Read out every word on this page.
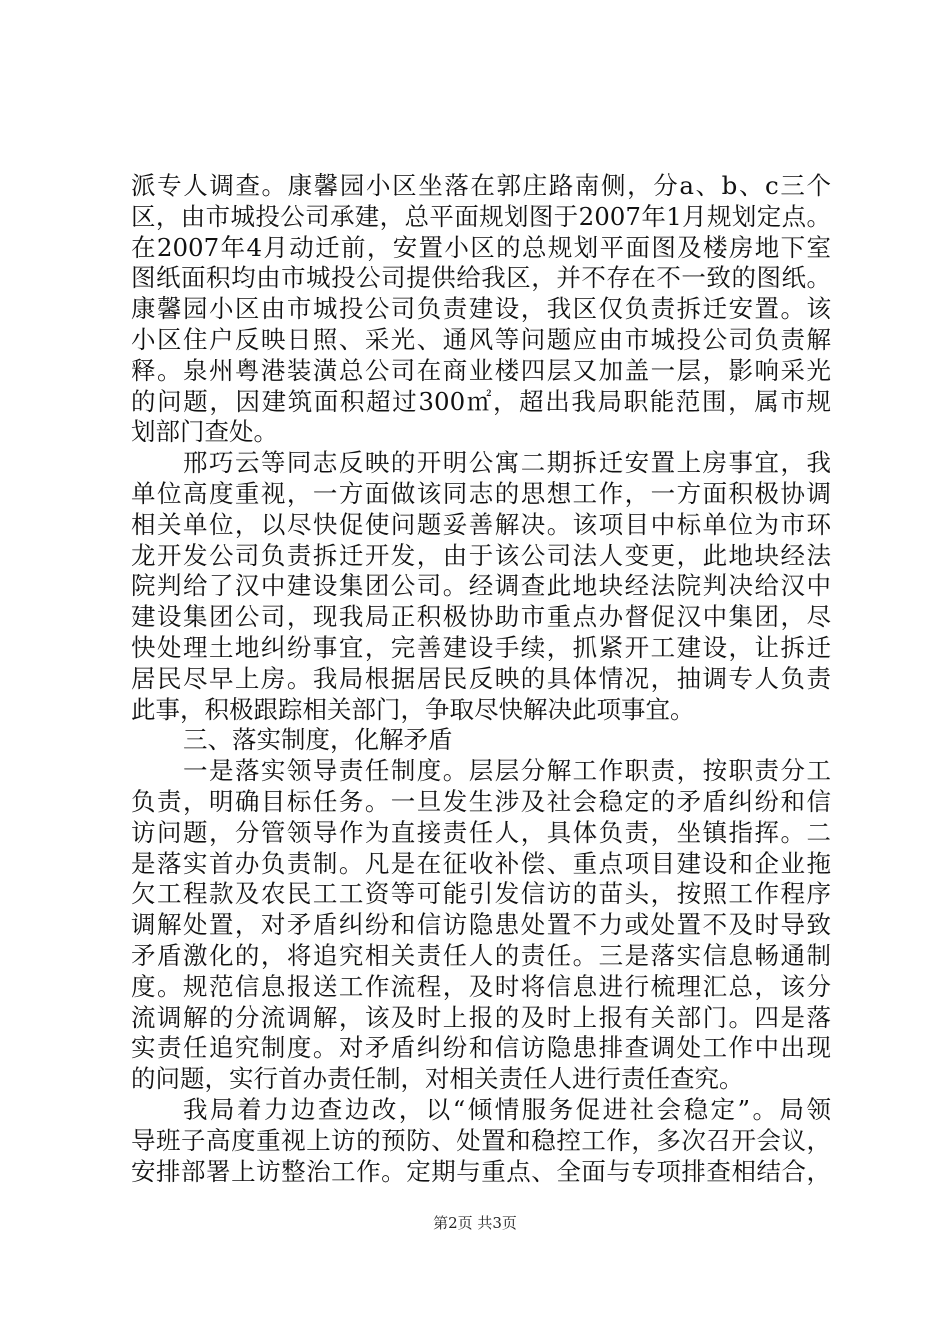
派专人调查。康馨园小区坐落在郭庄路南侧，分a、b、c三个
区，由市城投公司承建，总平面规划图于2007年1月规划定点。
在2007年4月动迁前，安置小区的总规划平面图及楼房地下室
图纸面积均由市城投公司提供给我区，并不存在不一致的图纸。
康馨园小区由市城投公司负责建设，我区仅负责拆迁安置。该
小区住户反映日照、采光、通风等问题应由市城投公司负责解
释。泉州粤港装潢总公司在商业楼四层又加盖一层，影响采光
的问题，因建筑面积超过300㎡，超出我局职能范围，属市规
划部门查处。
邢巧云等同志反映的开明公寓二期拆迁安置上房事宜，我
单位高度重视，一方面做该同志的思想工作，一方面积极协调
相关单位，以尽快促使问题妥善解决。该项目中标单位为市环
龙开发公司负责拆迁开发，由于该公司法人变更，此地块经法
院判给了汉中建设集团公司。经调查此地块经法院判决给汉中
建设集团公司，现我局正积极协助市重点办督促汉中集团，尽
快处理土地纠纷事宜，完善建设手续，抓紧开工建设，让拆迁
居民尽早上房。我局根据居民反映的具体情况，抽调专人负责
此事，积极跟踪相关部门，争取尽快解决此项事宜。
三、落实制度，化解矛盾
一是落实领导责任制度。层层分解工作职责，按职责分工
负责，明确目标任务。一旦发生涉及社会稳定的矛盾纠纷和信
访问题，分管领导作为直接责任人，具体负责，坐镇指挥。二
是落实首办负责制。凡是在征收补偿、重点项目建设和企业拖
欠工程款及农民工工资等可能引发信访的苗头，按照工作程序
调解处置，对矛盾纠纷和信访隐患处置不力或处置不及时导致
矛盾激化的，将追究相关责任人的责任。三是落实信息畅通制
度。规范信息报送工作流程，及时将信息进行梳理汇总，该分
流调解的分流调解，该及时上报的及时上报有关部门。四是落
实责任追究制度。对矛盾纠纷和信访隐患排查调处工作中出现
的问题，实行首办责任制，对相关责任人进行责任查究。
我局着力边查边改，以“倾情服务促进社会稳定”。局领
导班子高度重视上访的预防、处置和稳控工作，多次召开会议，
安排部署上访整治工作。定期与重点、全面与专项排查相结合，
第2页 共3页
